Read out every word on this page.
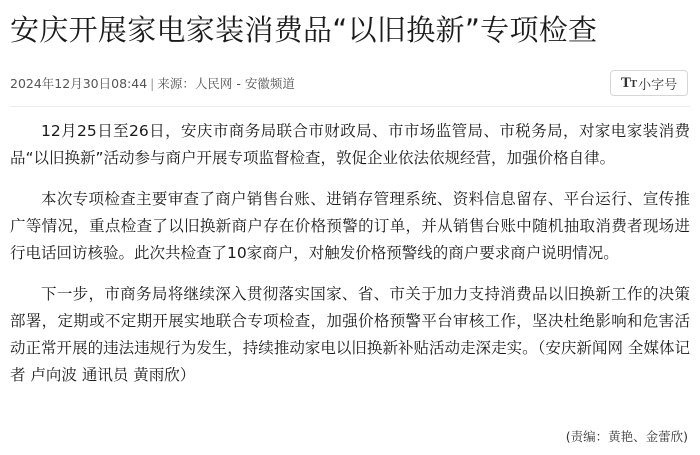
安庆开展家电家装消费品“以旧换新”专项检查
2024年12月30日08:44 | 来源：人民网 - 安徽频道	TT 小字号

12月25日至26日，安庆市商务局联合市财政局、市市场监管局、市税务局，对家电家装消费品“以旧换新”活动参与商户开展专项监督检查，敦促企业依法依规经营，加强价格自律。

本次专项检查主要审查了商户销售台账、进销存管理系统、资料信息留存、平台运行、宣传推广等情况，重点检查了以旧换新商户存在价格预警的订单，并从销售台账中随机抽取消费者现场进行电话回访核验。此次共检查了10家商户，对触发价格预警线的商户要求商户说明情况。

下一步，市商务局将继续深入贯彻落实国家、省、市关于加力支持消费品以旧换新工作的决策部署，定期或不定期开展实地联合专项检查，加强价格预警平台审核工作，坚决杜绝影响和危害活动正常开展的违法违规行为发生，持续推动家电以旧换新补贴活动走深走实。（安庆新闻网 全媒体记者 卢向波 通讯员 黄雨欣）

(责编：黄艳、金蕾欣)
